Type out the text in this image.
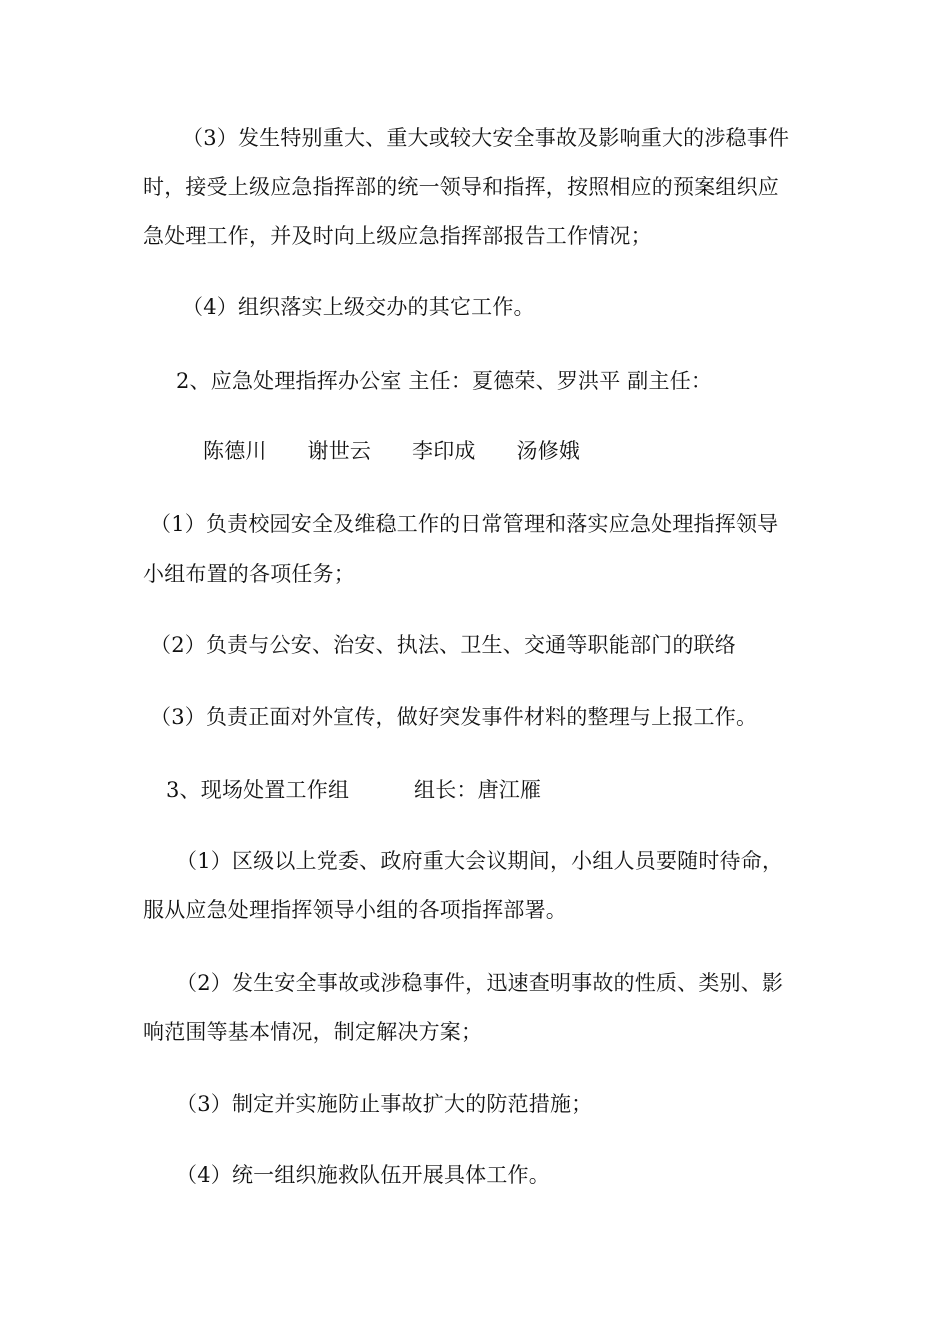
（3）发生特别重大、重大或较大安全事故及影响重大的涉稳事件
时，接受上级应急指挥部的统一领导和指挥，按照相应的预案组织应
急处理工作，并及时向上级应急指挥部报告工作情况；
（4）组织落实上级交办的其它工作。
2、应急处理指挥办公室 主任：夏德荣、罗洪平 副主任：
陈德川 谢世云 李印成 汤修娥
（1）负责校园安全及维稳工作的日常管理和落实应急处理指挥领导
小组布置的各项任务；
（2）负责与公安、治安、执法、卫生、交通等职能部门的联络
（3）负责正面对外宣传，做好突发事件材料的整理与上报工作。
3、现场处置工作组	组长：唐江雁
（1）区级以上党委、政府重大会议期间，小组人员要随时待命，
服从应急处理指挥领导小组的各项指挥部署。
（2）发生安全事故或涉稳事件，迅速查明事故的性质、类别、影
响范围等基本情况，制定解决方案；
（3）制定并实施防止事故扩大的防范措施；
（4）统一组织施救队伍开展具体工作。
